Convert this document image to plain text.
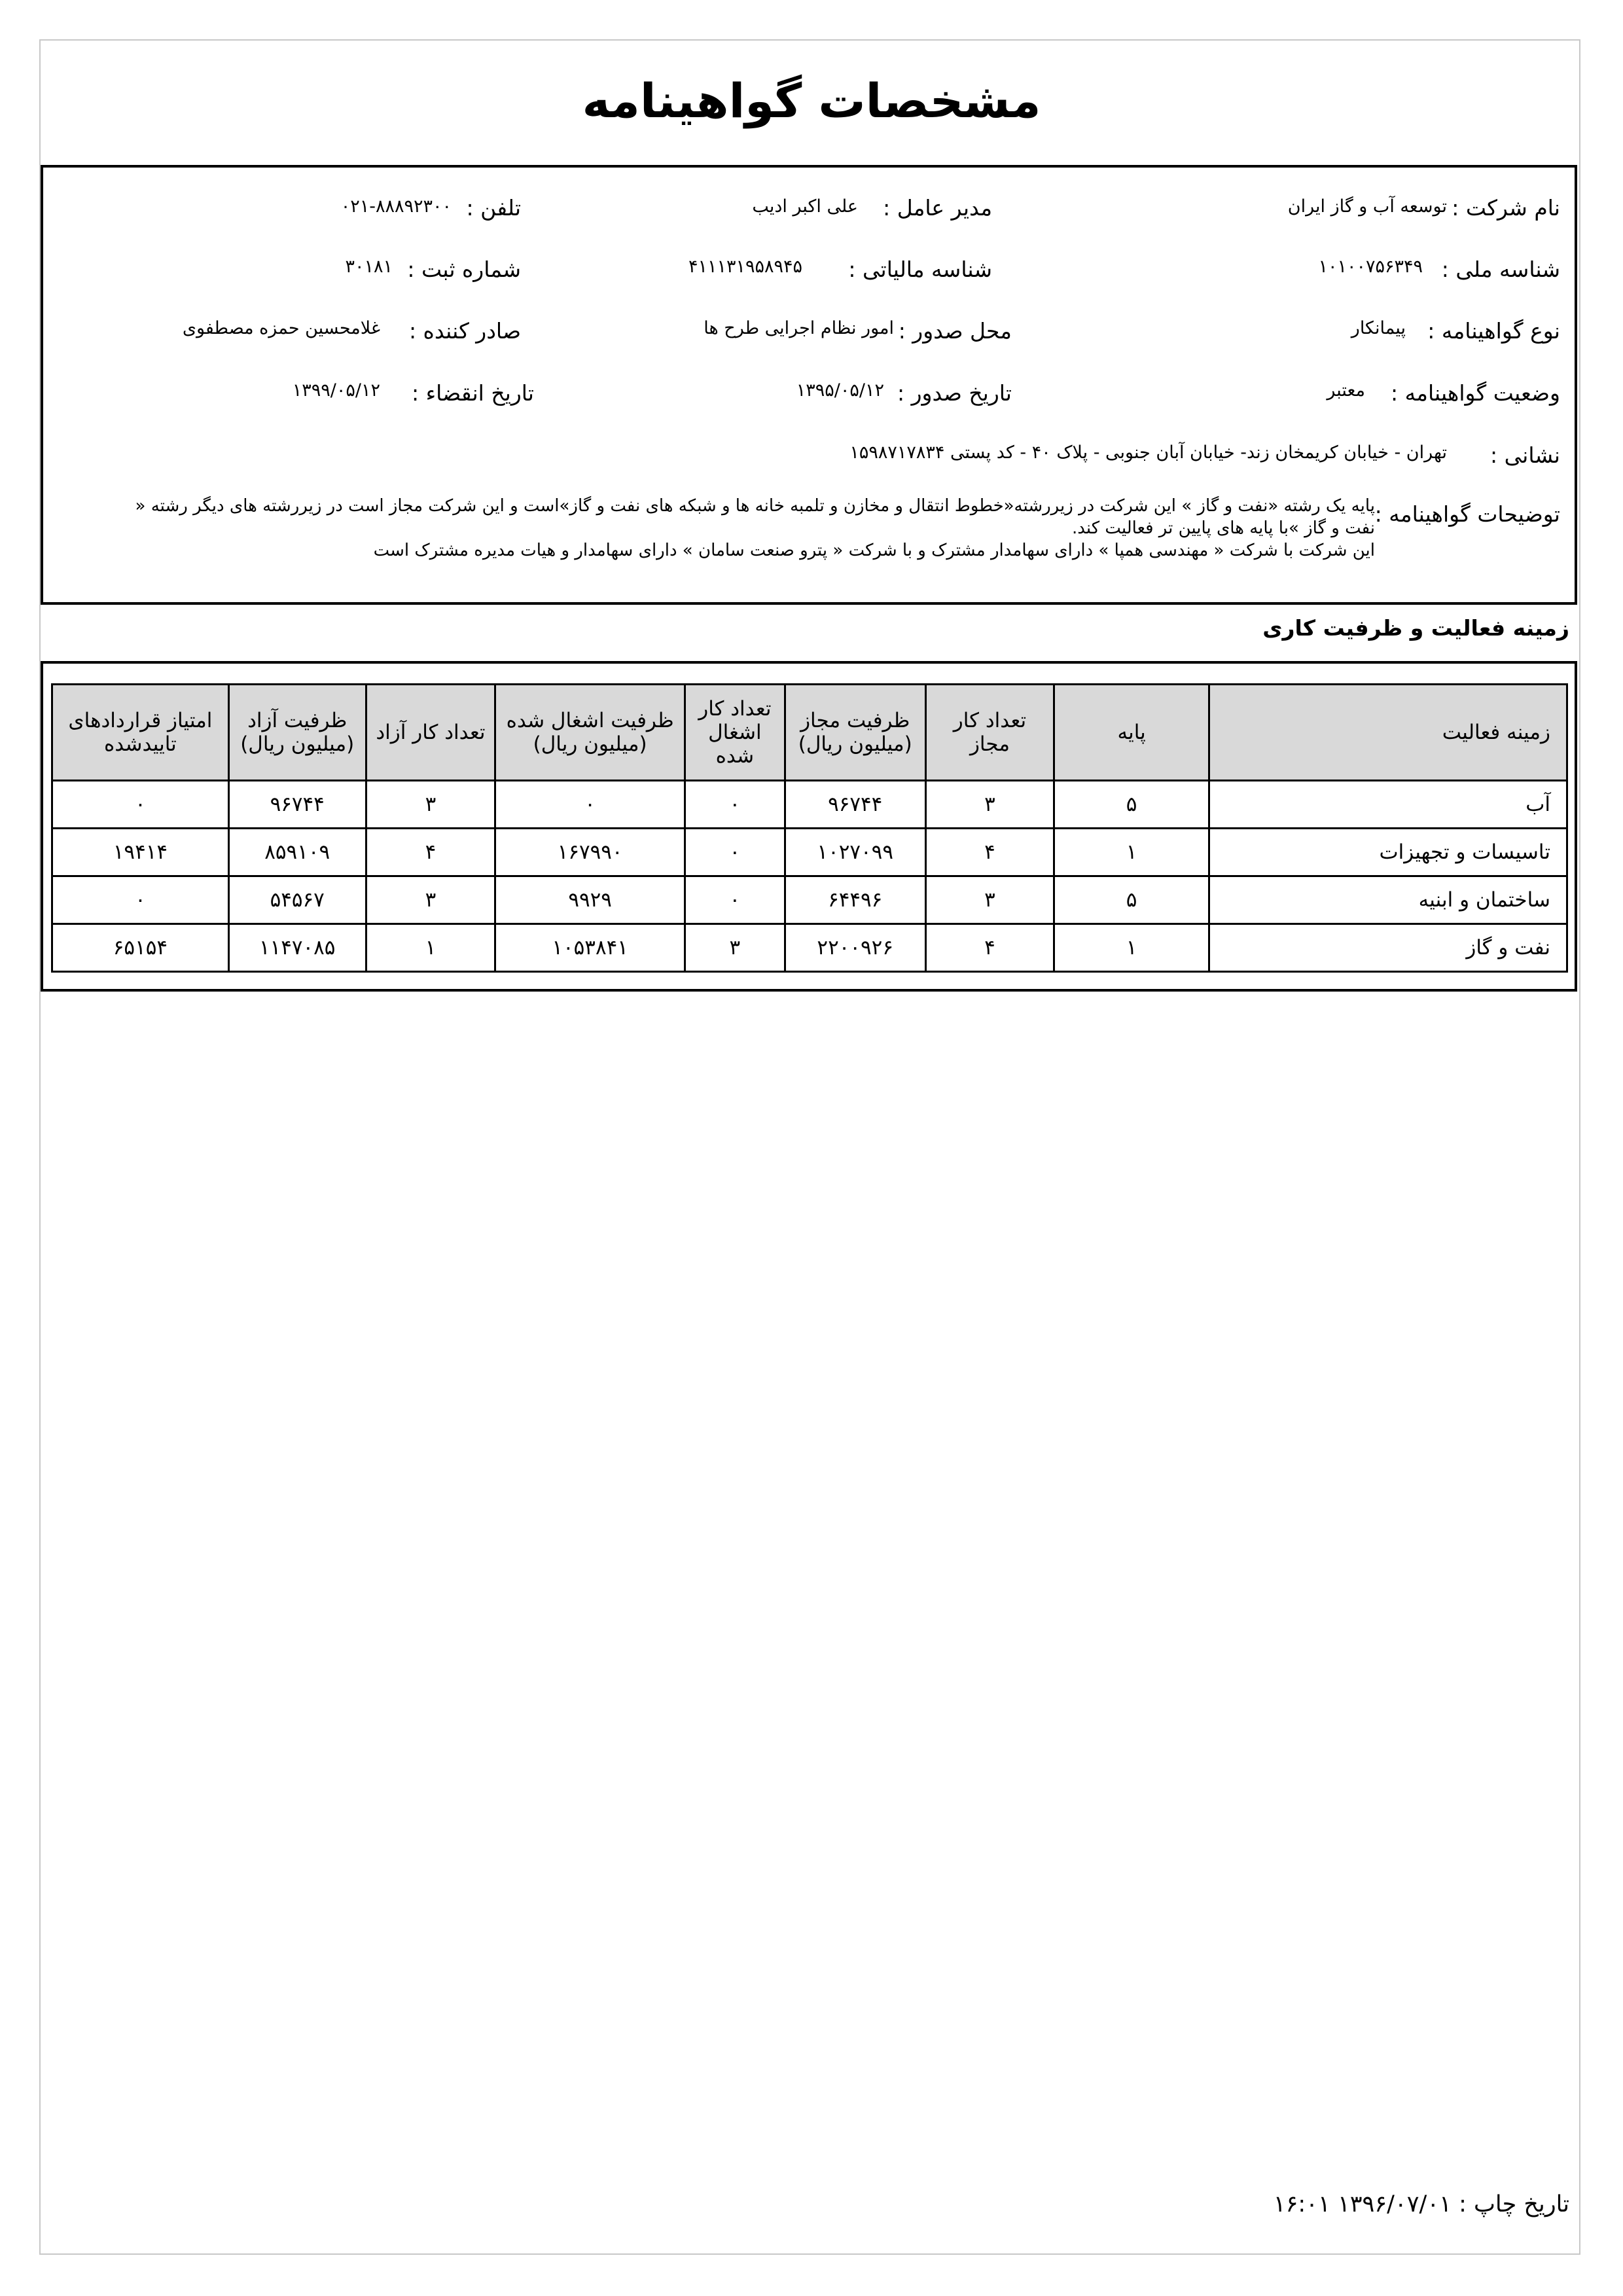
مشخصات گواهینامه
نام شرکت :
توسعه آب و گاز ایران
مدیر عامل :
علی اکبر ادیب
تلفن :
۰۲۱-۸۸۸۹۲۳۰۰
شناسه ملی :
۱۰۱۰۰۷۵۶۳۴۹
شناسه مالیاتی :
۴۱۱۱۳۱۹۵۸۹۴۵
شماره ثبت :
۳۰۱۸۱
نوع گواهینامه :
پیمانکار
محل صدور :
امور نظام اجرایی طرح ها
صادر کننده :
غلامحسین حمزه مصطفوی
وضعیت گواهینامه :
معتبر
تاریخ صدور :
۱۳۹۵/۰۵/۱۲
تاریخ انقضاء :
۱۳۹۹/۰۵/۱۲
نشانی :
تهران - خیابان کریمخان زند- خیابان آبان جنوبی - پلاک ۴۰ - کد پستی ۱۵۹۸۷۱۷۸۳۴
توضیحات گواهینامه :
پایه یک رشته «نفت و گاز » این شرکت در زیررشته«خطوط انتقال و مخازن و تلمبه خانه ها و شبکه های نفت و گاز»است و این شرکت مجاز است در زیررشته های دیگر رشته «
نفت و گاز »با پایه های پایین تر فعالیت کند.
این شرکت با شرکت « مهندسی همپا » دارای سهامدار مشترک و با شرکت « پترو صنعت سامان » دارای سهامدار و هیات مدیره مشترک است
زمینه فعالیت و ظرفیت کاری
زمینه فعالیت	پایه	تعداد کار مجاز	ظرفیت مجاز (میلیون ریال)	تعداد کار اشغال شده	ظرفیت اشغال شده (میلیون ریال)	تعداد کار آزاد	ظرفیت آزاد (میلیون ریال)	امتیاز قراردادهای تاییدشده
آب	۵	۳	۹۶۷۴۴	۰	۰	۳	۹۶۷۴۴	۰
تاسیسات و تجهیزات	۱	۴	۱۰۲۷۰۹۹	۰	۱۶۷۹۹۰	۴	۸۵۹۱۰۹	۱۹۴۱۴
ساختمان و ابنیه	۵	۳	۶۴۴۹۶	۰	۹۹۲۹	۳	۵۴۵۶۷	۰
نفت و گاز	۱	۴	۲۲۰۰۹۲۶	۳	۱۰۵۳۸۴۱	۱	۱۱۴۷۰۸۵	۶۵۱۵۴
تاریخ چاپ : ۱۳۹۶/۰۷/۰۱ ۱۶:۰۱
